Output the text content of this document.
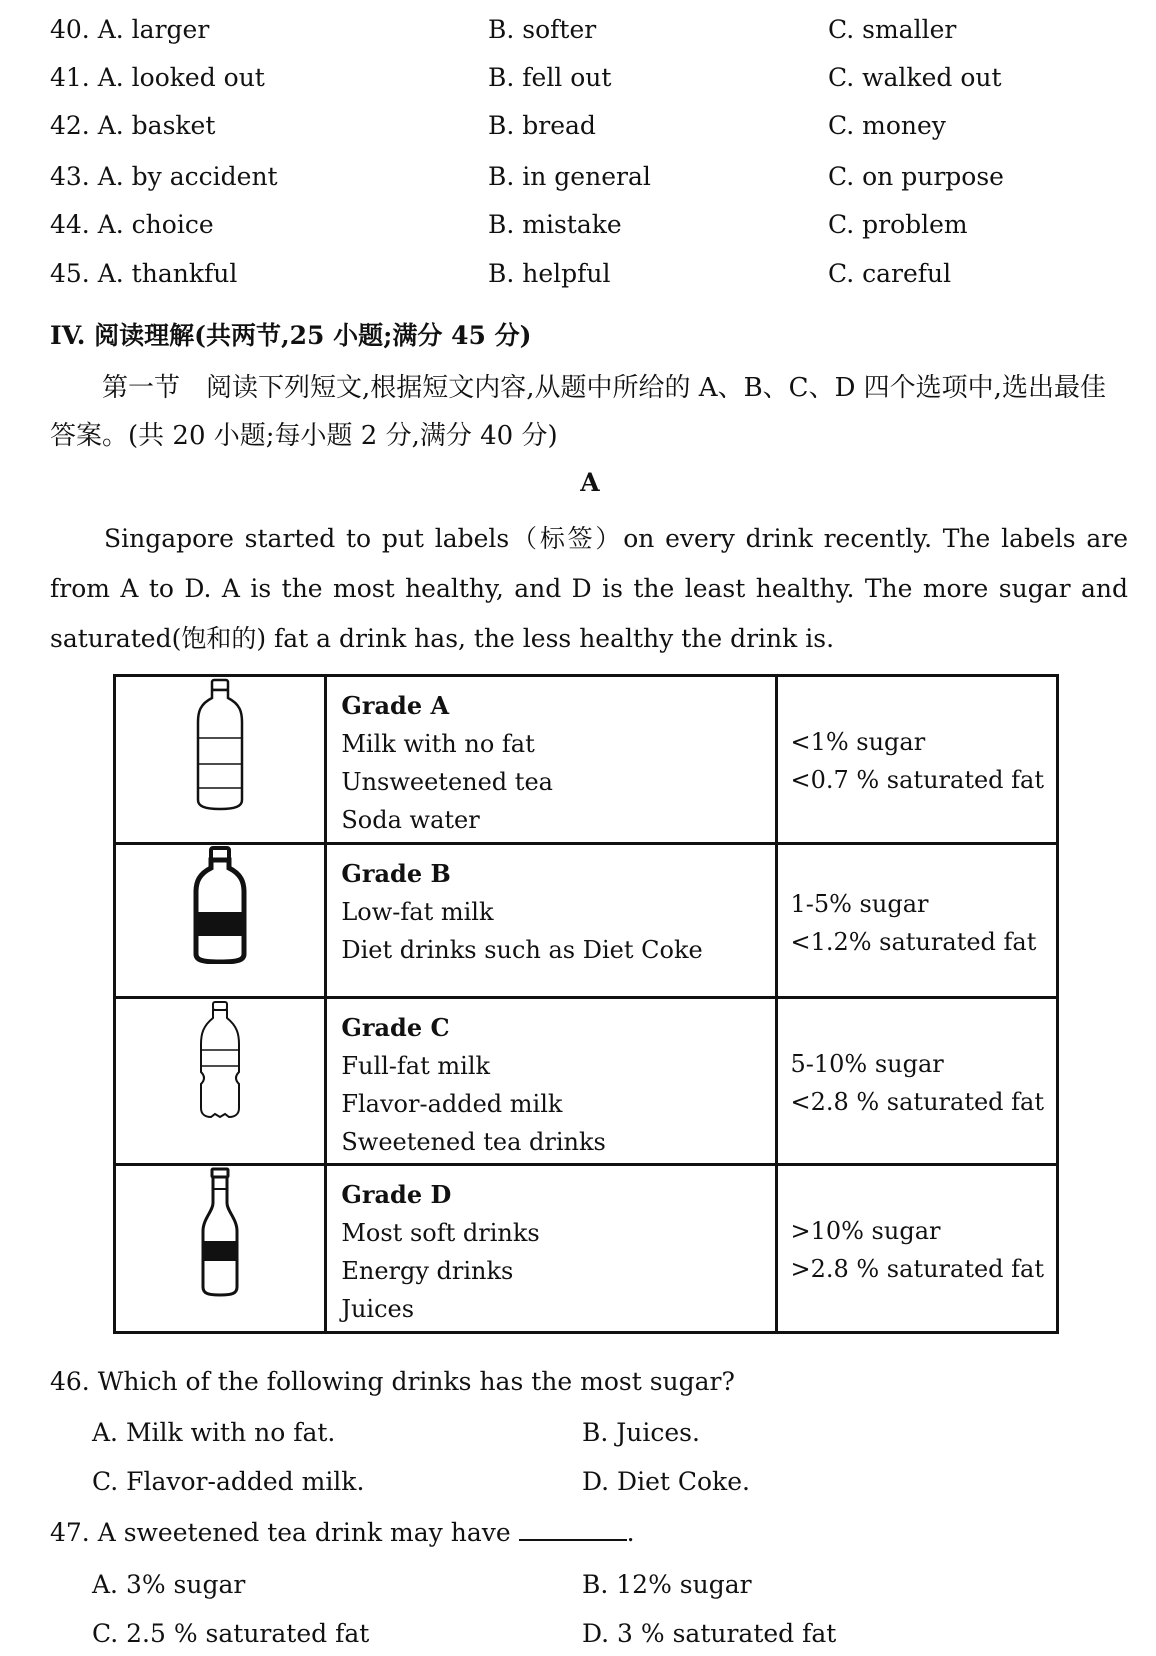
40. A. larger	B. softer	C. smaller
41. A. looked out	B. fell out	C. walked out
42. A. basket	B. bread	C. money
43. A. by accident	B. in general	C. on purpose
44. A. choice	B. mistake	C. problem
45. A. thankful	B. helpful	C. careful
IV. 阅读理解(共两节,25 小题;满分 45 分)
第一节　阅读下列短文,根据短文内容,从题中所给的 A、B、C、D 四个选项中,选出最佳答案。(共 20 小题;每小题 2 分,满分 40 分)
A
Singapore started to put labels（标签）on every drink recently. The labels are from A to D. A is the most healthy, and D is the least healthy. The more sugar and saturated(饱和的) fat a drink has, the less healthy the drink is.

Grade A
Milk with no fat
Unsweetened tea
Soda water	<1% sugar
<0.7 % saturated fat

Grade B
Low-fat milk
Diet drinks such as Diet Coke	1-5% sugar
<1.2% saturated fat

Grade C
Full-fat milk
Flavor-added milk
Sweetened tea drinks	5-10% sugar
<2.8 % saturated fat

Grade D
Most soft drinks
Energy drinks
Juices	>10% sugar
>2.8 % saturated fat
46. Which of the following drinks has the most sugar?
A. Milk with no fat.	B. Juices.
C. Flavor-added milk.	D. Diet Coke.
47. A sweetened tea drink may have	.
A. 3% sugar	B. 12% sugar
C. 2.5 % saturated fat	D. 3 % saturated fat
